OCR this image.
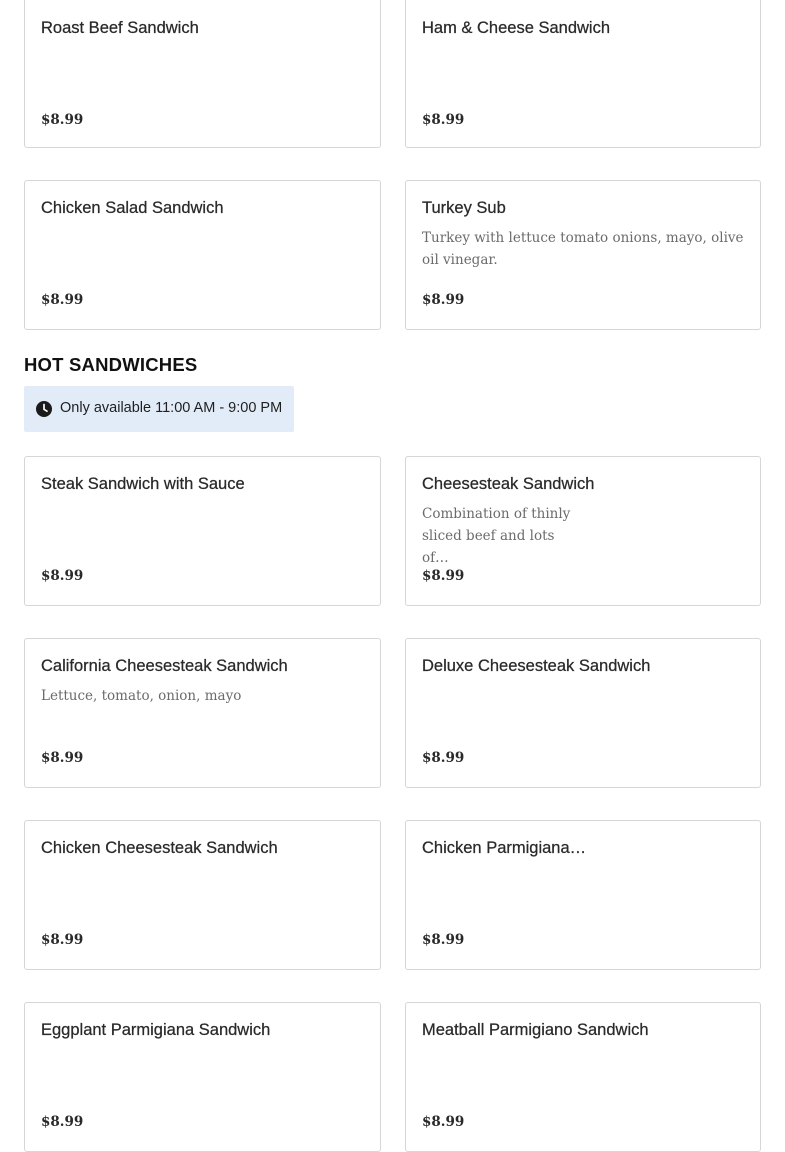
Roast Beef Sandwich
$8.99
Ham & Cheese Sandwich
$8.99
Chicken Salad Sandwich
$8.99
Turkey Sub
Turkey with lettuce tomato onions, mayo, olive oil vinegar.
$8.99
HOT SANDWICHES
Only available 11:00 AM - 9:00 PM
Steak Sandwich with Sauce
$8.99
Cheesesteak Sandwich
Combination of thinly sliced beef and lots of…
$8.99
California Cheesesteak Sandwich
Lettuce, tomato, onion, mayo
$8.99
Deluxe Cheesesteak Sandwich
$8.99
Chicken Cheesesteak Sandwich
$8.99
Chicken Parmigiana…
$8.99
Eggplant Parmigiana Sandwich
$8.99
Meatball Parmigiano Sandwich
$8.99
